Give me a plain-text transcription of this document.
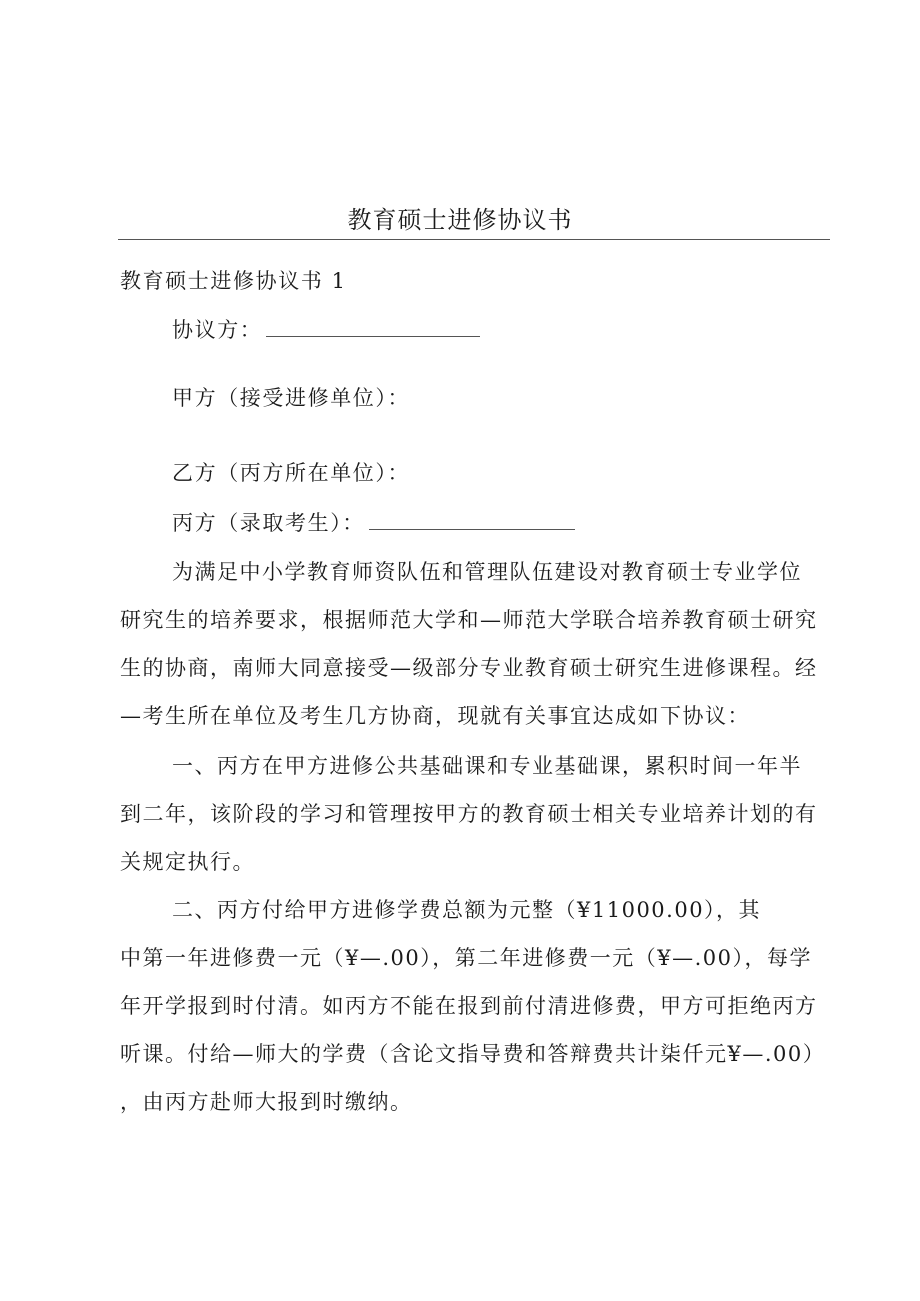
教育硕士进修协议书
教育硕士进修协议书 1
协议方：
甲方（接受进修单位）：
乙方（丙方所在单位）：
丙方（录取考生）：
为满足中小学教育师资队伍和管理队伍建设对教育硕士专业学位
研究生的培养要求，根据师范大学和—师范大学联合培养教育硕士研究
生的协商，南师大同意接受—级部分专业教育硕士研究生进修课程。经
—考生所在单位及考生几方协商，现就有关事宜达成如下协议：
一、丙方在甲方进修公共基础课和专业基础课，累积时间一年半
到二年，该阶段的学习和管理按甲方的教育硕士相关专业培养计划的有
关规定执行。
二、丙方付给甲方进修学费总额为元整（¥11000.00），其
中第一年进修费一元（¥—.00），第二年进修费一元（¥—.00），每学
年开学报到时付清。如丙方不能在报到前付清进修费，甲方可拒绝丙方
听课。付给—师大的学费（含论文指导费和答辩费共计柒仟元¥—.00）
，由丙方赴师大报到时缴纳。
